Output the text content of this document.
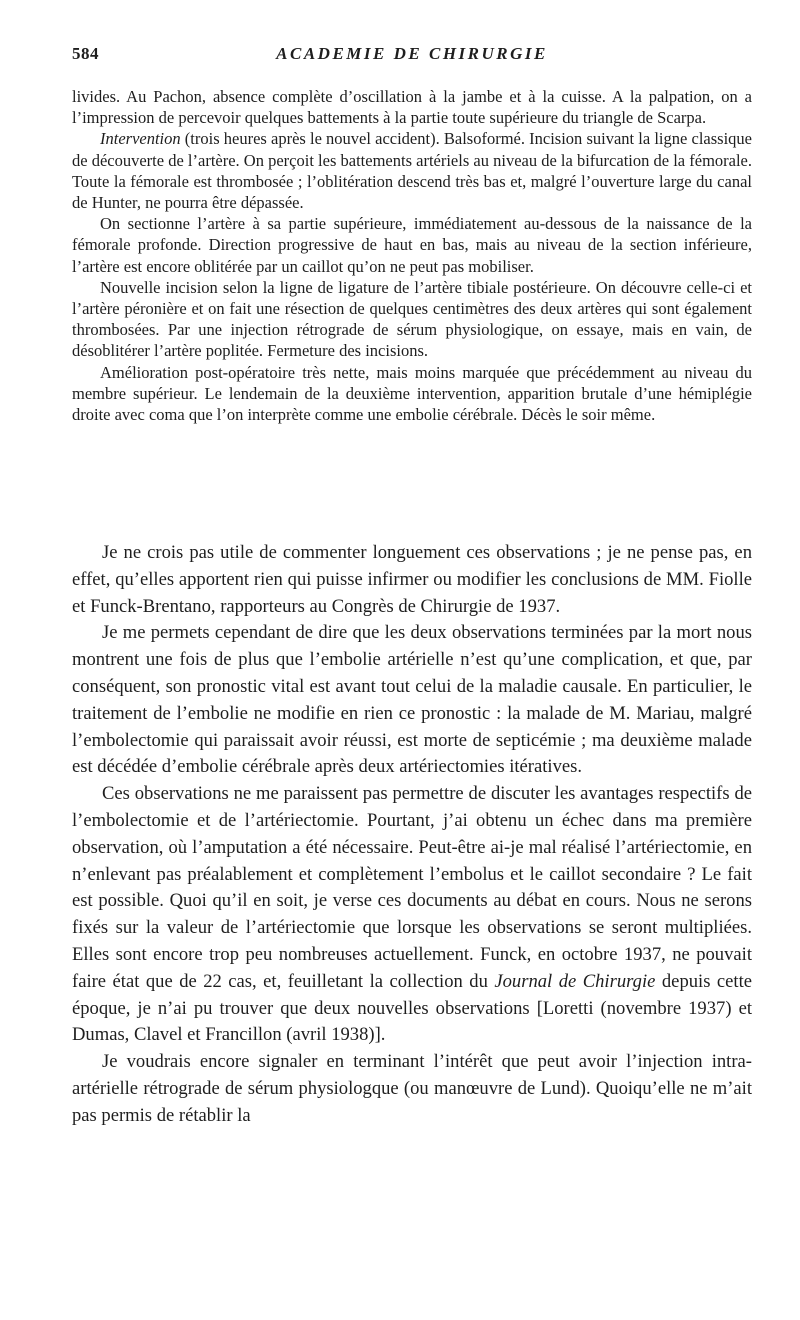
584	ACADEMIE DE CHIRURGIE

livides. Au Pachon, absence complète d’oscillation à la jambe et à la cuisse. A la palpation, on a l’impression de percevoir quelques battements à la partie toute supérieure du triangle de Scarpa.

Intervention (trois heures après le nouvel accident). Balsoformé. Incision suivant la ligne classique de découverte de l’artère. On perçoit les battements artériels au niveau de la bifurcation de la fémorale. Toute la fémorale est thrombosée ; l’oblitération descend très bas et, malgré l’ouverture large du canal de Hunter, ne pourra être dépassée.

On sectionne l’artère à sa partie supérieure, immédiatement au-dessous de la naissance de la fémorale profonde. Direction progressive de haut en bas, mais au niveau de la section inférieure, l’artère est encore oblitérée par un caillot qu’on ne peut pas mobiliser.

Nouvelle incision selon la ligne de ligature de l’artère tibiale postérieure. On découvre celle-ci et l’artère péronière et on fait une résection de quelques centimètres des deux artères qui sont également thrombosées. Par une injection rétrograde de sérum physiologique, on essaye, mais en vain, de désoblitérer l’artère poplitée. Fermeture des incisions.

Amélioration post-opératoire très nette, mais moins marquée que précédemment au niveau du membre supérieur. Le lendemain de la deuxième intervention, apparition brutale d’une hémiplégie droite avec coma que l’on interprète comme une embolie cérébrale. Décès le soir même.

Je ne crois pas utile de commenter longuement ces observations ; je ne pense pas, en effet, qu’elles apportent rien qui puisse infirmer ou modifier les conclusions de MM. Fiolle et Funck-Brentano, rapporteurs au Congrès de Chirurgie de 1937.

Je me permets cependant de dire que les deux observations terminées par la mort nous montrent une fois de plus que l’embolie artérielle n’est qu’une complication, et que, par conséquent, son pronostic vital est avant tout celui de la maladie causale. En particulier, le traitement de l’embolie ne modifie en rien ce pronostic : la malade de M. Mariau, malgré l’embolectomie qui paraissait avoir réussi, est morte de septicémie ; ma deuxième malade est décédée d’embolie cérébrale après deux artériectomies itératives.

Ces observations ne me paraissent pas permettre de discuter les avantages respectifs de l’embolectomie et de l’artériectomie. Pourtant, j’ai obtenu un échec dans ma première observation, où l’amputation a été nécessaire. Peut-être ai-je mal réalisé l’artériectomie, en n’enlevant pas préalablement et complètement l’embolus et le caillot secondaire ? Le fait est possible. Quoi qu’il en soit, je verse ces documents au débat en cours. Nous ne serons fixés sur la valeur de l’artériectomie que lorsque les observations se seront multipliées. Elles sont encore trop peu nombreuses actuellement. Funck, en octobre 1937, ne pouvait faire état que de 22 cas, et, feuilletant la collection du Journal de Chirurgie depuis cette époque, je n’ai pu trouver que deux nouvelles observations [Loretti (novembre 1937) et Dumas, Clavel et Francillon (avril 1938)].

Je voudrais encore signaler en terminant l’intérêt que peut avoir l’injection intra-artérielle rétrograde de sérum physiologque (ou manœuvre de Lund). Quoiqu’elle ne m’ait pas permis de rétablir la
